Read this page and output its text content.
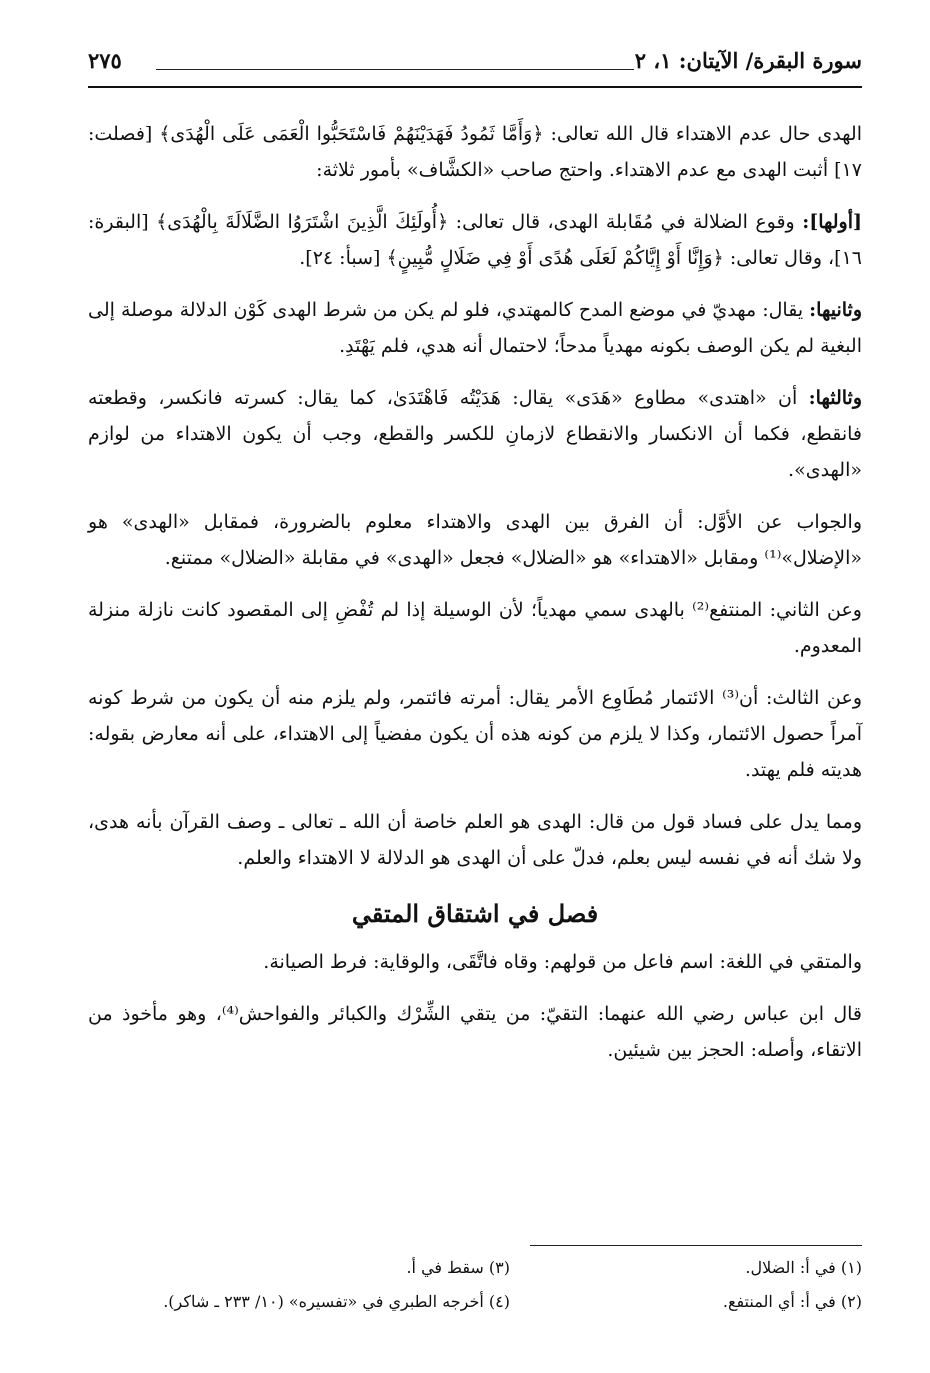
سورة البقرة/ الآيتان: ١، ٢
٢٧٥

الهدى حال عدم الاهتداء قال الله تعالى: ﴿وَأَمَّا ثَمُودُ فَهَدَيْنَهُمْ فَاسْتَحَبُّوا الْعَمَى عَلَى الْهُدَى﴾ [فصلت: ١٧] أثبت الهدى مع عدم الاهتداء. واحتج صاحب «الكشَّاف» بأمور ثلاثة:

[أولها]: وقوع الضلالة في مُقَابلة الهدى، قال تعالى: ﴿أُولَئِكَ الَّذِينَ اشْتَرَوُا الضَّلَالَةَ بِالْهُدَى﴾ [البقرة: ١٦]، وقال تعالى: ﴿وَإِنَّا أَوْ إِيَّاكُمْ لَعَلَى هُدًى أَوْ فِي ضَلَالٍ مُّبِينٍ﴾ [سبأ: ٢٤].

وثانيها: يقال: مهديّ في موضع المدح كالمهتدي، فلو لم يكن من شرط الهدى كَوْن الدلالة موصلة إلى البغية لم يكن الوصف بكونه مهدياً مدحاً؛ لاحتمال أنه هدي، فلم يَهْتَدِ.

وثالثها: أن «اهتدى» مطاوع «هَدَى» يقال: هَدَيْتُه فَاهْتَدَىٰ، كما يقال: كسرته فانكسر، وقطعته فانقطع، فكما أن الانكسار والانقطاع لازمانِ للكسر والقطع، وجب أن يكون الاهتداء من لوازم «الهدى».

والجواب عن الأوَّل: أن الفرق بين الهدى والاهتداء معلوم بالضرورة، فمقابل «الهدى» هو «الإضلال»⁽¹⁾ ومقابل «الاهتداء» هو «الضلال» فجعل «الهدى» في مقابلة «الضلال» ممتنع.

وعن الثاني: المنتفع⁽²⁾ بالهدى سمي مهدياً؛ لأن الوسيلة إذا لم تُفْضِ إلى المقصود كانت نازلة منزلة المعدوم.

وعن الثالث: أن⁽³⁾ الائتمار مُطَاوِع الأمر يقال: أمرته فائتمر، ولم يلزم منه أن يكون من شرط كونه آمراً حصول الائتمار، وكذا لا يلزم من كونه هذه أن يكون مفضياً إلى الاهتداء، على أنه معارض بقوله: هديته فلم يهتد.

ومما يدل على فساد قول من قال: الهدى هو العلم خاصة أن الله ـ تعالى ـ وصف القرآن بأنه هدى، ولا شك أنه في نفسه ليس بعلم، فدلّ على أن الهدى هو الدلالة لا الاهتداء والعلم.

فصل في اشتقاق المتقي

والمتقي في اللغة: اسم فاعل من قولهم: وقاه فاتَّقَى، والوقاية: فرط الصيانة.

قال ابن عباس رضي الله عنهما: التقيّ: من يتقي الشِّرْك والكبائر والفواحش⁽⁴⁾، وهو مأخوذ من الاتقاء، وأصله: الحجز بين شيئين.

(١) في أ: الضلال.
(٢) في أ: أي المنتفع.
(٣) سقط في أ.
(٤) أخرجه الطبري في «تفسيره» (١٠/ ٢٣٣ ـ شاكر).
